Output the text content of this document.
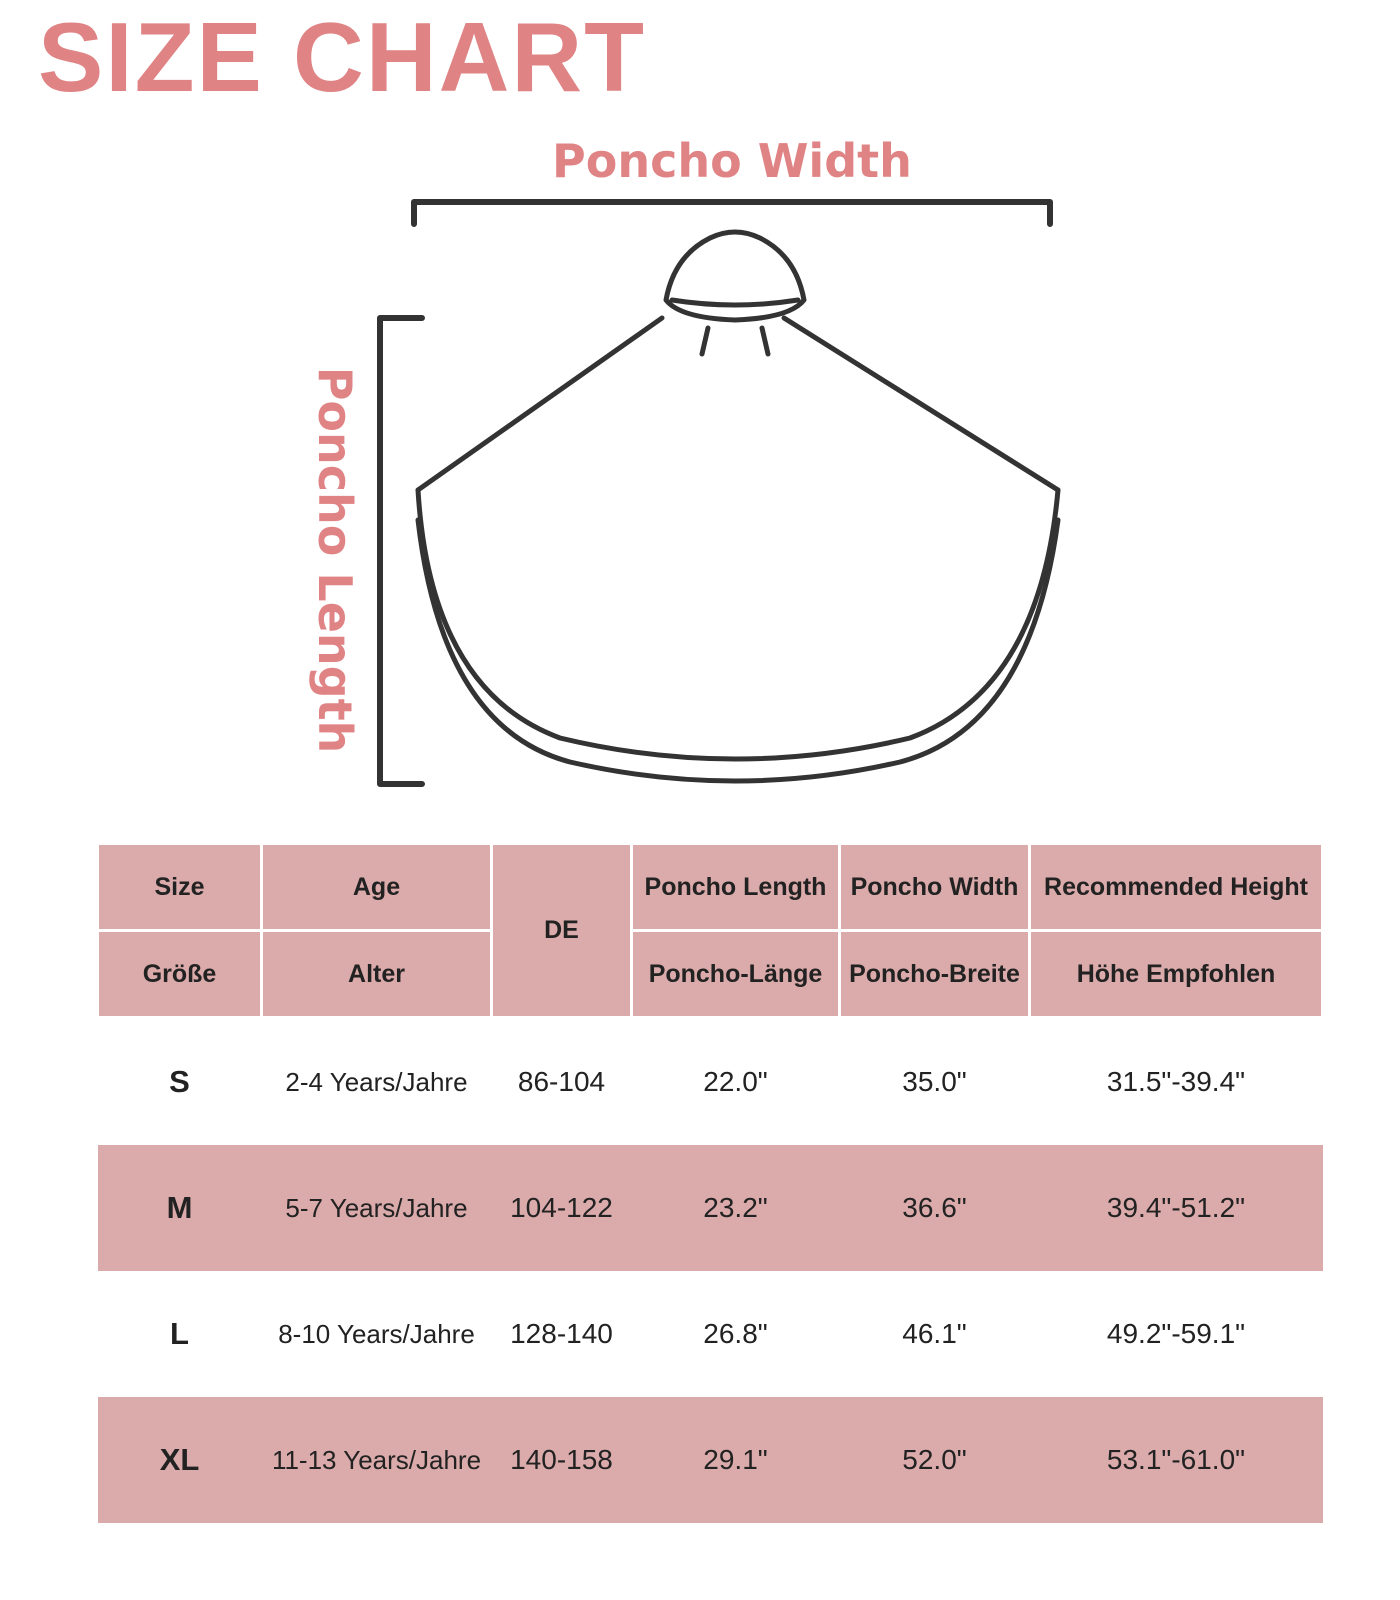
SIZE CHART
Poncho Width
Poncho Length
Size	Age	DE	Poncho Length	Poncho Width	Recommended Height
Größe	Alter		Poncho-Länge	Poncho-Breite	Höhe Empfohlen
S	2-4 Years/Jahre	86-104	22.0"	35.0"	31.5"-39.4"
M	5-7 Years/Jahre	104-122	23.2"	36.6"	39.4"-51.2"
L	8-10 Years/Jahre	128-140	26.8"	46.1"	49.2"-59.1"
XL	11-13 Years/Jahre	140-158	29.1"	52.0"	53.1"-61.0"
